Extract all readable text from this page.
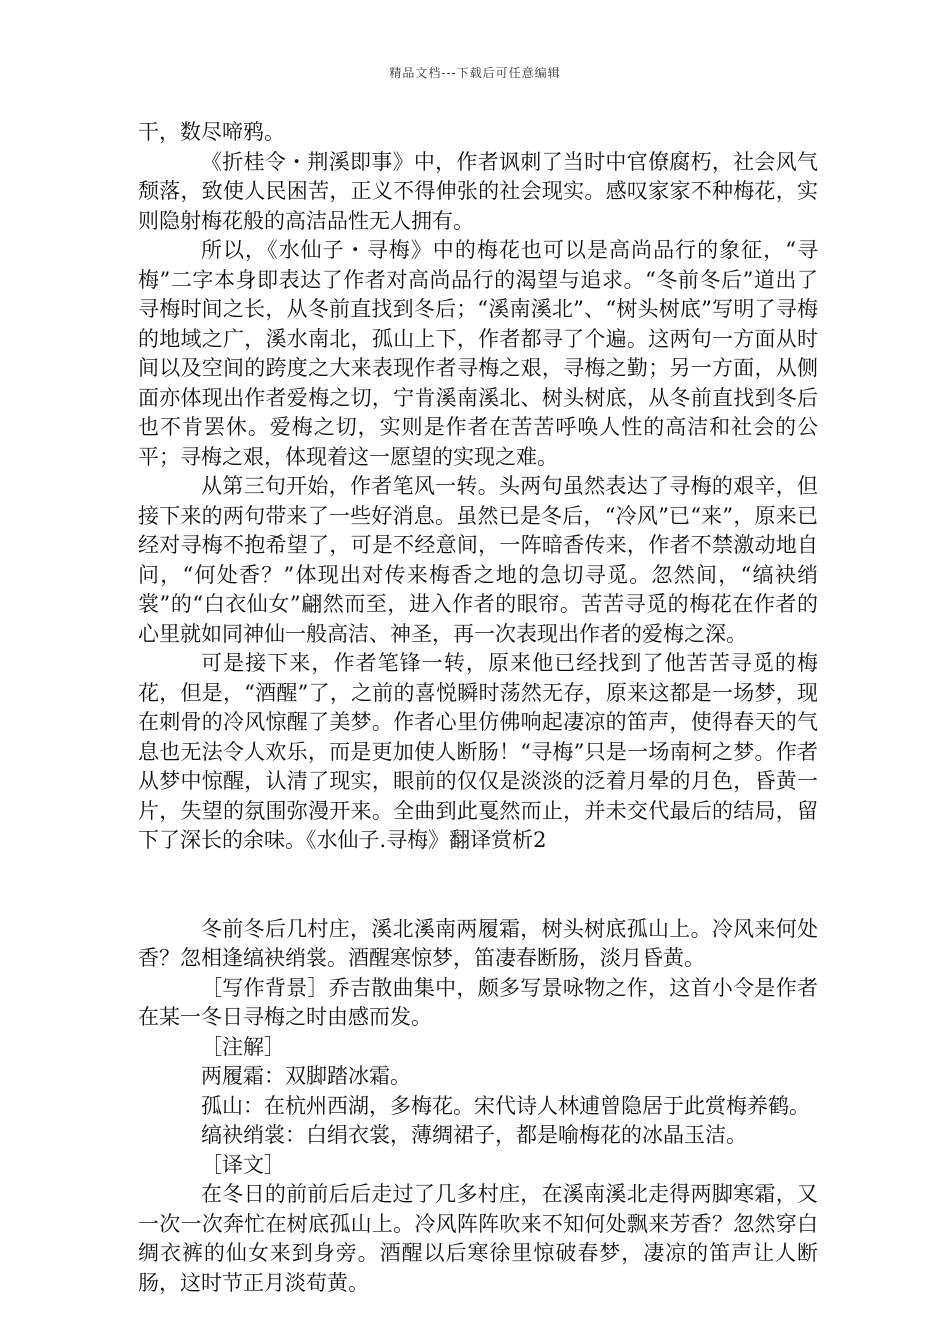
精品文档---下载后可任意编辑

干，数尽啼鸦。

《折桂令・荆溪即事》中，作者讽刺了当时中官僚腐朽，社会风气颓落，致使人民困苦，正义不得伸张的社会现实。感叹家家不种梅花，实则隐射梅花般的高洁品性无人拥有。

所以，《水仙子・寻梅》中的梅花也可以是高尚品行的象征，“寻梅”二字本身即表达了作者对高尚品行的渴望与追求。“冬前冬后”道出了寻梅时间之长，从冬前直找到冬后；“溪南溪北”、“树头树底”写明了寻梅的地域之广，溪水南北，孤山上下，作者都寻了个遍。这两句一方面从时间以及空间的跨度之大来表现作者寻梅之艰，寻梅之勤；另一方面，从侧面亦体现出作者爱梅之切，宁肯溪南溪北、树头树底，从冬前直找到冬后也不肯罢休。爱梅之切，实则是作者在苦苦呼唤人性的高洁和社会的公平；寻梅之艰，体现着这一愿望的实现之难。

从第三句开始，作者笔风一转。头两句虽然表达了寻梅的艰辛，但接下来的两句带来了一些好消息。虽然已是冬后，“冷风”已“来”，原来已经对寻梅不抱希望了，可是不经意间，一阵暗香传来，作者不禁激动地自问，“何处香？”体现出对传来梅香之地的急切寻觅。忽然间，“缟袂绡裳”的“白衣仙女”翩然而至，进入作者的眼帘。苦苦寻觅的梅花在作者的心里就如同神仙一般高洁、神圣，再一次表现出作者的爱梅之深。

可是接下来，作者笔锋一转，原来他已经找到了他苦苦寻觅的梅花，但是，“酒醒”了，之前的喜悦瞬时荡然无存，原来这都是一场梦，现在刺骨的冷风惊醒了美梦。作者心里仿佛响起凄凉的笛声，使得春天的气息也无法令人欢乐，而是更加使人断肠！“寻梅”只是一场南柯之梦。作者从梦中惊醒，认清了现实，眼前的仅仅是淡淡的泛着月晕的月色，昏黄一片，失望的氛围弥漫开来。全曲到此戛然而止，并未交代最后的结局，留下了深长的余味。《水仙子.寻梅》翻译赏析2

冬前冬后几村庄，溪北溪南两履霜，树头树底孤山上。冷风来何处香？忽相逢缟袂绡裳。酒醒寒惊梦，笛凄春断肠，淡月昏黄。

［写作背景］乔吉散曲集中，颇多写景咏物之作，这首小令是作者在某一冬日寻梅之时由感而发。

［注解］

两履霜：双脚踏冰霜。

孤山：在杭州西湖，多梅花。宋代诗人林逋曾隐居于此赏梅养鹤。

缟袂绡裳：白绢衣裳，薄绸裙子，都是喻梅花的冰晶玉洁。

［译文］

在冬日的前前后后走过了几多村庄，在溪南溪北走得两脚寒霜，又一次一次奔忙在树底孤山上。冷风阵阵吹来不知何处飘来芳香？忽然穿白绸衣裤的仙女来到身旁。酒醒以后寒徐里惊破春梦，凄凉的笛声让人断肠，这时节正月淡荀黄。
